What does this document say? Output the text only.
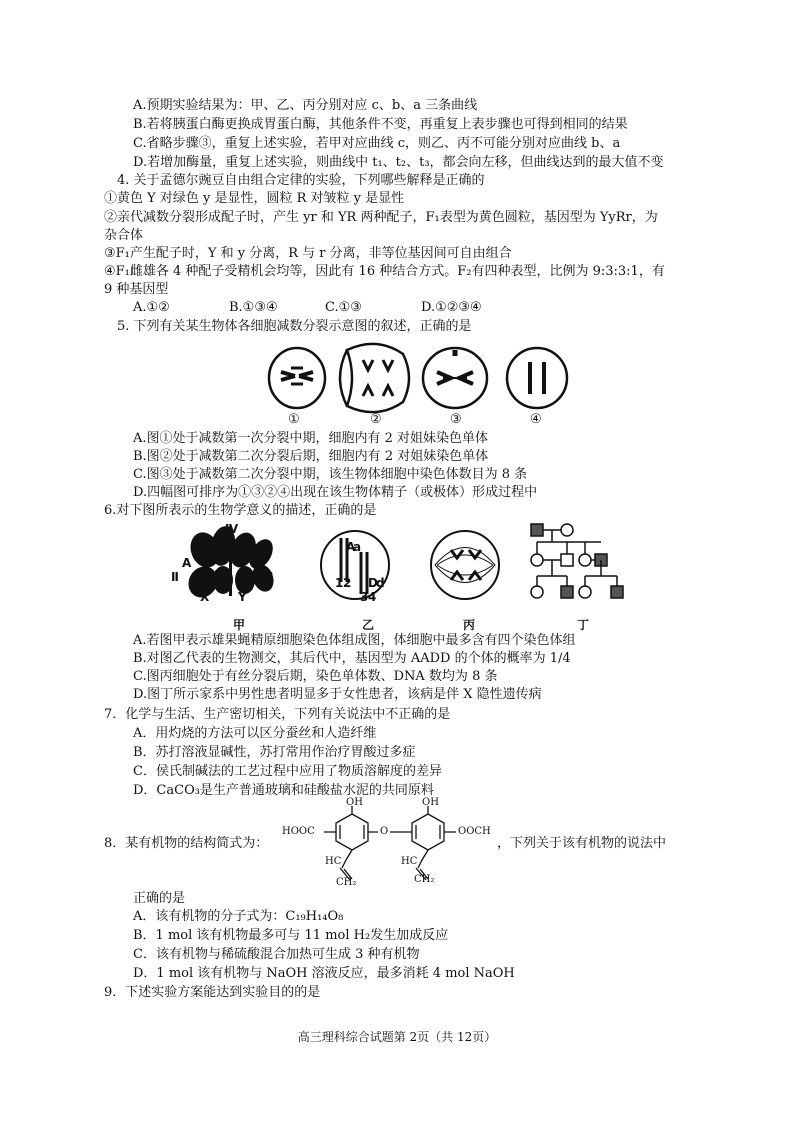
A.预期实验结果为：甲、乙、丙分别对应 c、b、a 三条曲线
B.若将胰蛋白酶更换成胃蛋白酶，其他条件不变，再重复上表步骤也可得到相同的结果
C.省略步骤③，重复上述实验，若甲对应曲线 c，则乙、丙不可能分别对应曲线 b、a
D.若增加酶量，重复上述实验，则曲线中 t₁、t₂、t₃，都会向左移，但曲线达到的最大值不变
4. 关于孟德尔豌豆自由组合定律的实验，下列哪些解释是正确的
①黄色 Y 对绿色 y 是显性，圆粒 R 对皱粒 y 是显性
②亲代减数分裂形成配子时，产生 yr 和 YR 两种配子，F₁表型为黄色圆粒，基因型为 YyRr，为
杂合体
③F₁产生配子时，Y 和 y 分离，R 与 r 分离，非等位基因间可自由组合
④F₁雌雄各 4 种配子受精机会均等，因此有 16 种结合方式。F₂有四种表型，比例为 9:3:3:1，有
9 种基因型
A.①②	B.①③④	C.①③	D.①②③④
5. 下列有关某生物体各细胞减数分裂示意图的叙述，正确的是
①	②	③	④
A.图①处于减数第一次分裂中期，细胞内有 2 对姐妹染色单体
B.图②处于减数第二次分裂后期，细胞内有 2 对姐妹染色单体
C.图③处于减数第二次分裂中期，该生物体细胞中染色体数目为 8 条
D.四幅图可排序为①③②④出现在该生物体精子（或极体）形成过程中
6.对下图所表示的生物学意义的描述，正确的是
Ⅳ
Ⅱ	Ⅲ
A
a
W
X Y
A
a
1 2 D
d
3 4
甲	乙	丙	丁
A.若图甲表示雄果蝇精原细胞染色体组成图，体细胞中最多含有四个染色体组
B.对图乙代表的生物测交，其后代中，基因型为 AADD 的个体的概率为 1/4
C.图丙细胞处于有丝分裂后期，染色单体数、DNA 数均为 8 条
D.图丁所示家系中男性患者明显多于女性患者，该病是伴 X 隐性遗传病
7．化学与生活、生产密切相关，下列有关说法中不正确的是
A．用灼烧的方法可以区分蚕丝和人造纤维
B．苏打溶液显碱性，苏打常用作治疗胃酸过多症
C．侯氏制碱法的工艺过程中应用了物质溶解度的差异
D．CaCO₃是生产普通玻璃和硅酸盐水泥的共同原料
8．某有机物的结构简式为：
OH	OH
HOOC	O	OOCH
HC	HC
CH₂	CH₂
，下列关于该有机物的说法中
正确的是
A．该有机物的分子式为：C₁₉H₁₄O₈
B．1 mol 该有机物最多可与 11 mol H₂发生加成反应
C．该有机物与稀硫酸混合加热可生成 3 种有机物
D．1 mol 该有机物与 NaOH 溶液反应，最多消耗 4 mol NaOH
9．下述实验方案能达到实验目的的是
高三理科综合试题第 2页（共 12页）
